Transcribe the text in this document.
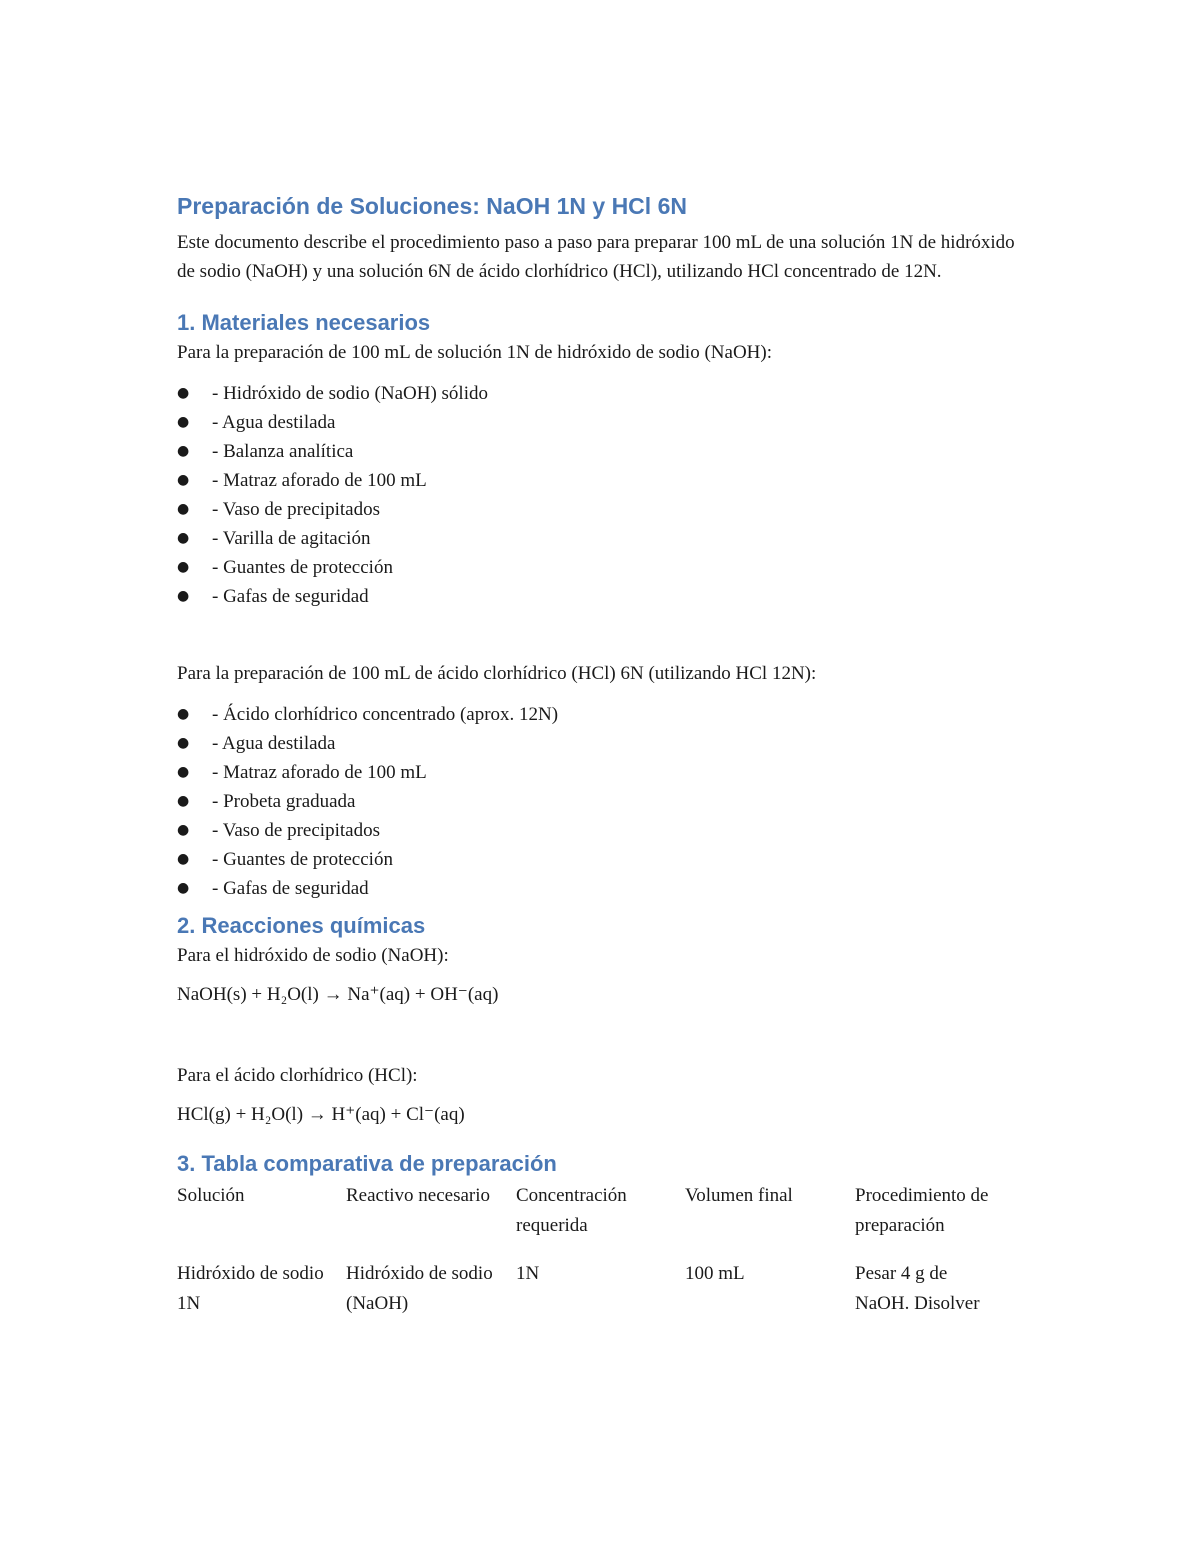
Preparación de Soluciones: NaOH 1N y HCl 6N

Este documento describe el procedimiento paso a paso para preparar 100 mL de una solución 1N de hidróxido de sodio (NaOH) y una solución 6N de ácido clorhídrico (HCl), utilizando HCl concentrado de 12N.

1. Materiales necesarios

Para la preparación de 100 mL de solución 1N de hidróxido de sodio (NaOH):

● - Hidróxido de sodio (NaOH) sólido
● - Agua destilada
● - Balanza analítica
● - Matraz aforado de 100 mL
● - Vaso de precipitados
● - Varilla de agitación
● - Guantes de protección
● - Gafas de seguridad

Para la preparación de 100 mL de ácido clorhídrico (HCl) 6N (utilizando HCl 12N):

● - Ácido clorhídrico concentrado (aprox. 12N)
● - Agua destilada
● - Matraz aforado de 100 mL
● - Probeta graduada
● - Vaso de precipitados
● - Guantes de protección
● - Gafas de seguridad
2. Reacciones químicas

Para el hidróxido de sodio (NaOH):

NaOH(s) + H₂O(l) → Na⁺(aq) + OH⁻(aq)

Para el ácido clorhídrico (HCl):

HCl(g) + H₂O(l) → H⁺(aq) + Cl⁻(aq)

3. Tabla comparativa de preparación
Solución	Reactivo necesario	Concentración requerida	Volumen final	Procedimiento de preparación
Hidróxido de sodio 1N	Hidróxido de sodio (NaOH)	1N	100 mL	Pesar 4 g de NaOH. Disolver
